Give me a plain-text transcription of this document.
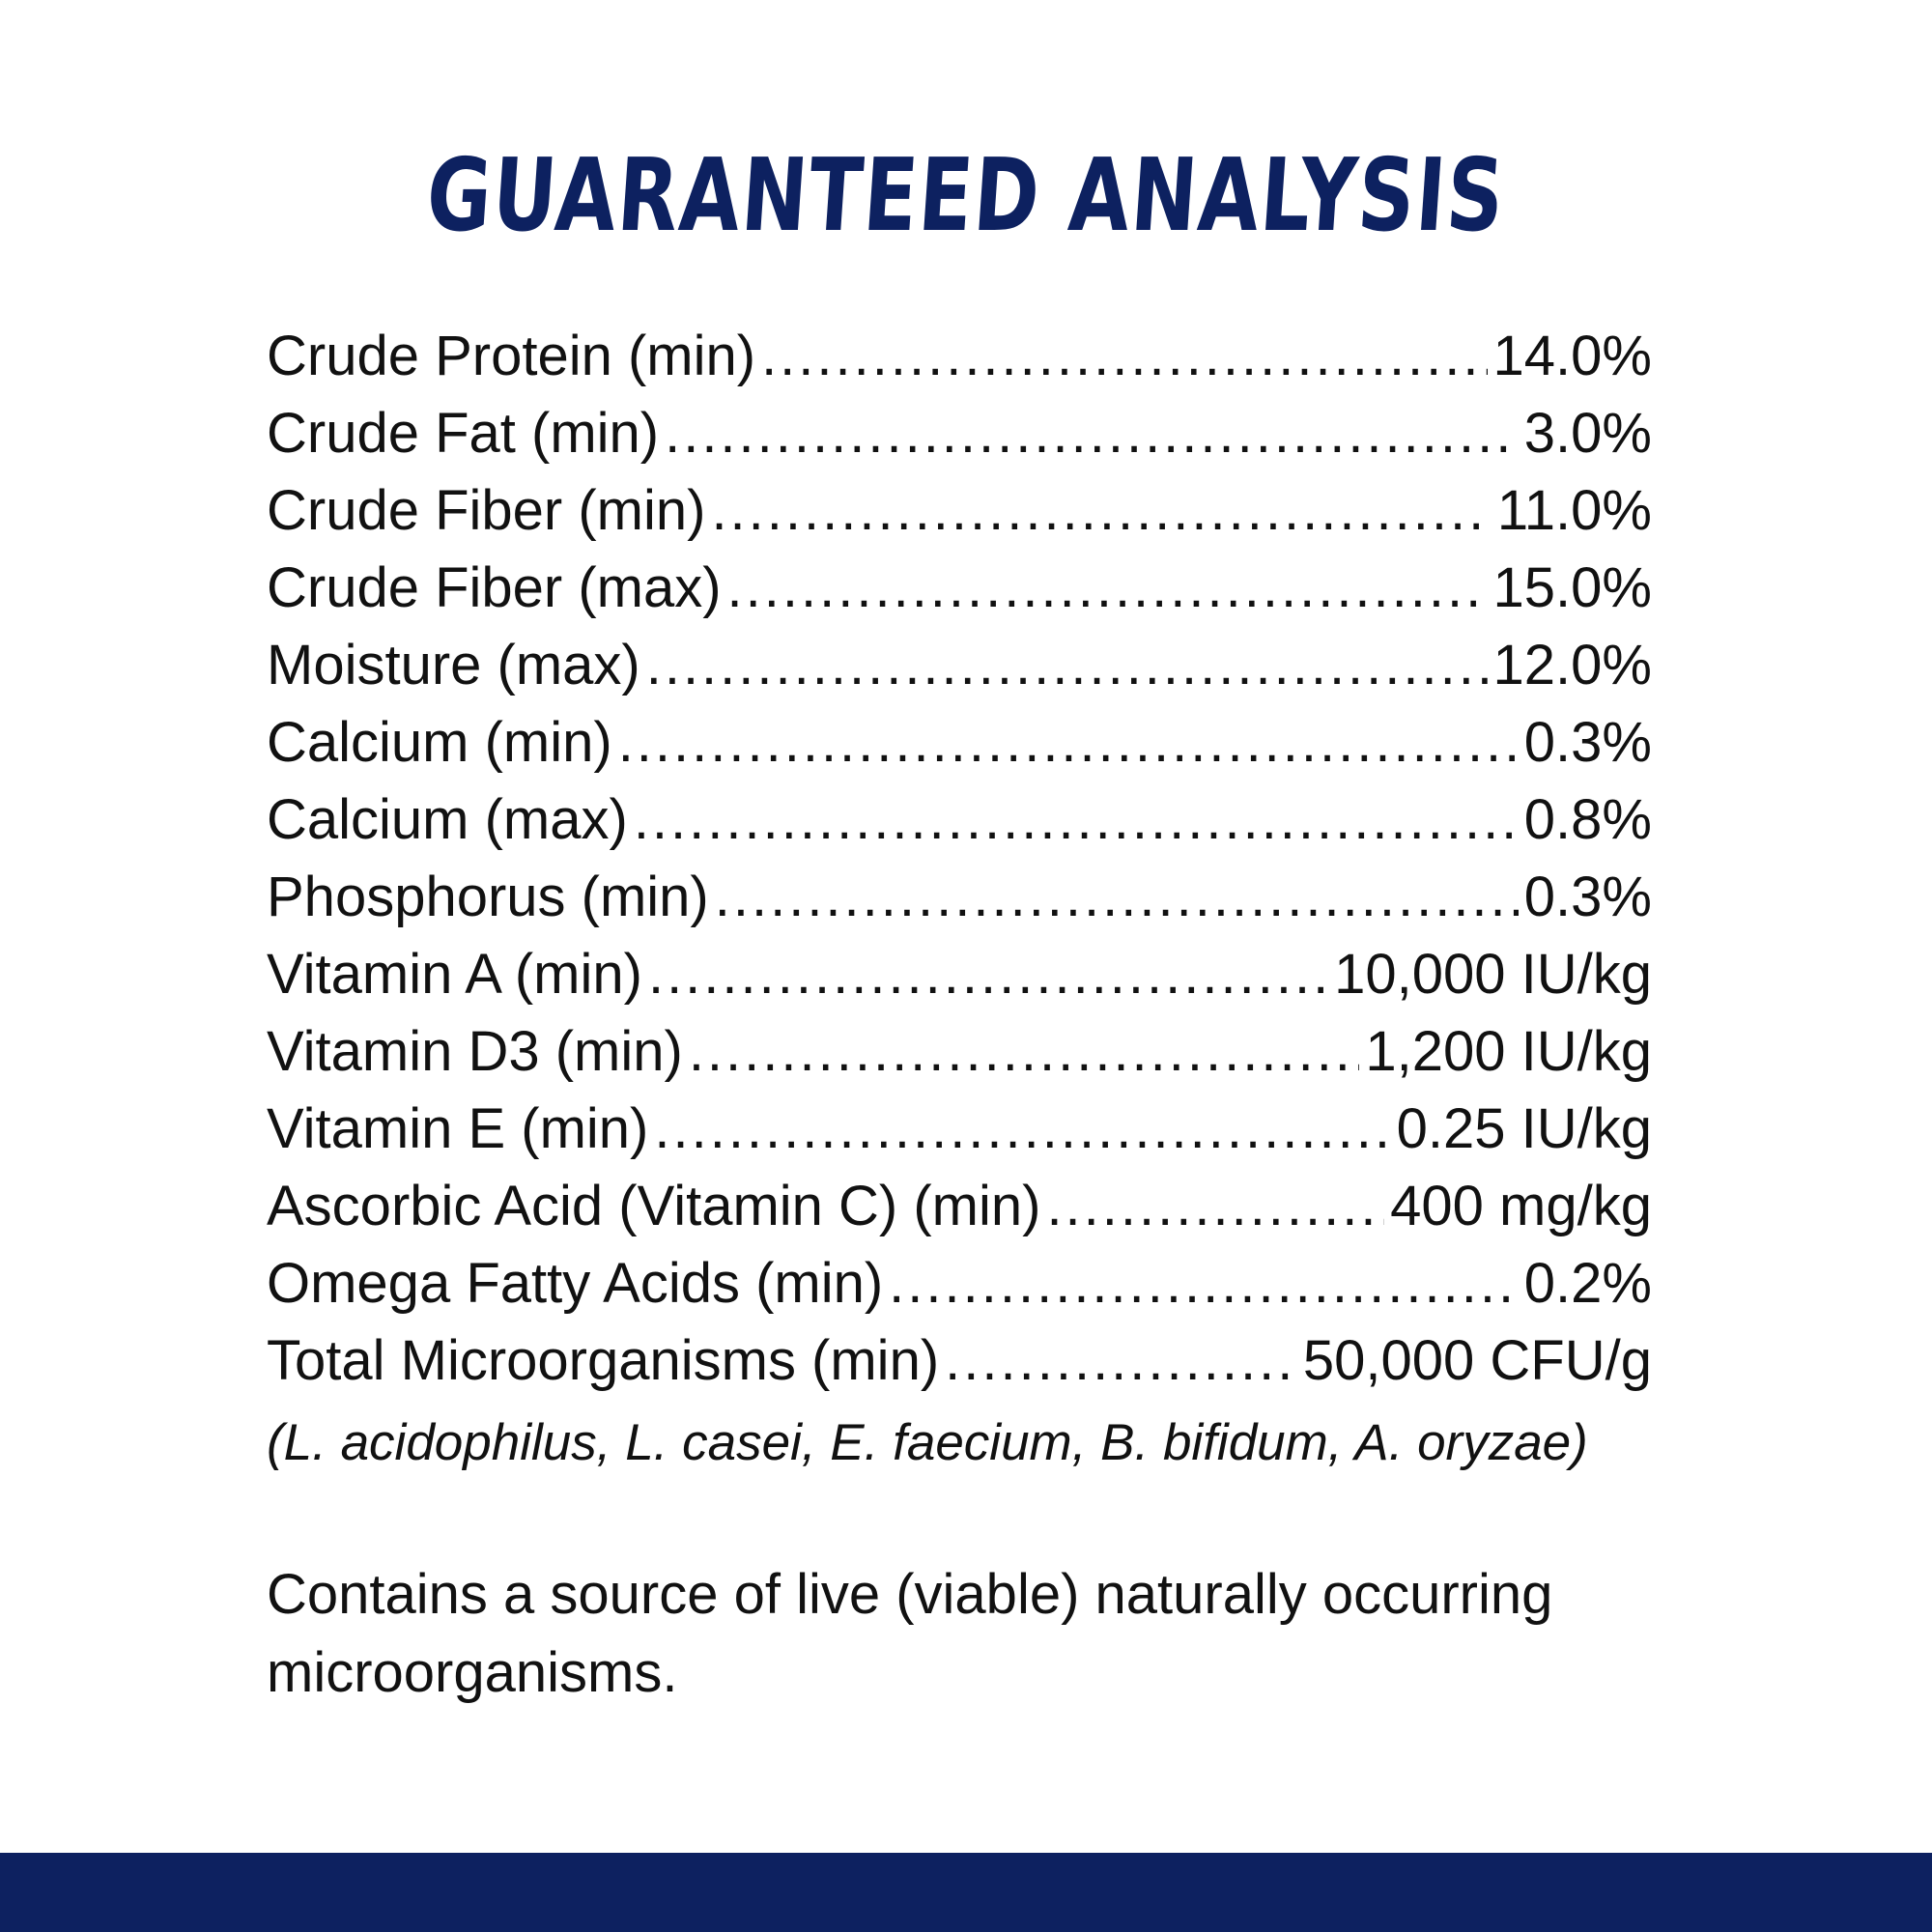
GUARANTEED ANALYSIS
Crude Protein (min) .....	14.0%
Crude Fat (min) .....	3.0%
Crude Fiber (min) .....	11.0%
Crude Fiber (max) .....	15.0%
Moisture (max) .....	12.0%
Calcium (min) .....	0.3%
Calcium (max) .....	0.8%
Phosphorus (min) .....	0.3%
Vitamin A (min) .....	10,000 IU/kg
Vitamin D3 (min) .....	1,200 IU/kg
Vitamin E (min) .....	0.25 IU/kg
Ascorbic Acid (Vitamin C) (min) .....	400 mg/kg
Omega Fatty Acids (min) .....	0.2%
Total Microorganisms (min) .....	50,000 CFU/g
(L. acidophilus, L. casei, E. faecium, B. bifidum, A. oryzae)
Contains a source of live (viable) naturally occurring microorganisms.
